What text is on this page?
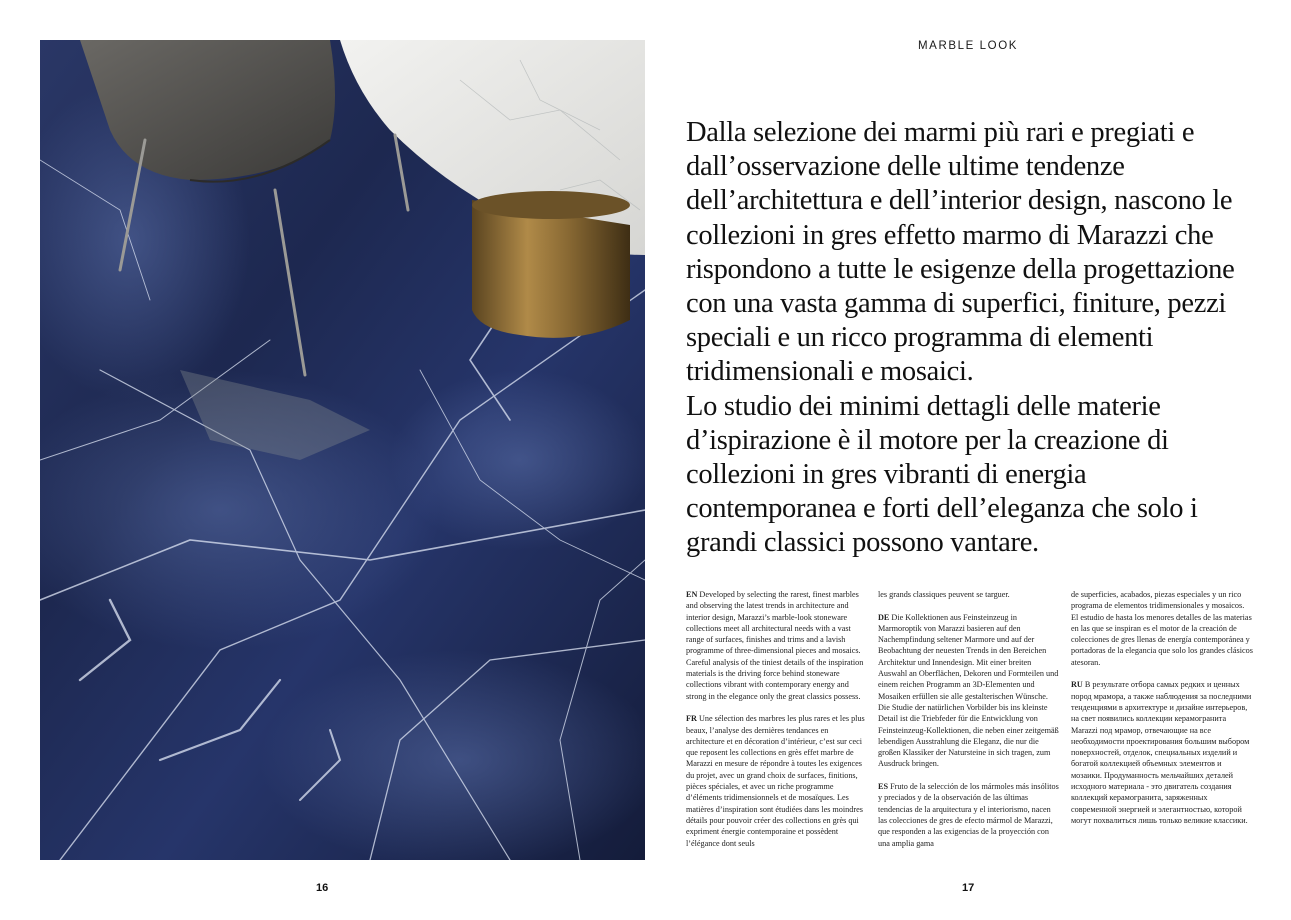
MARBLE LOOK

Dalla selezione dei marmi più rari e pregiati e dall’osservazione delle ultime tendenze dell’architettura e dell’interior design, nascono le collezioni in gres effetto marmo di Marazzi che rispondono a tutte le esigenze della progettazione con una vasta gamma di superfici, finiture, pezzi speciali e un ricco programma di elementi tridimensionali e mosaici.

Lo studio dei minimi dettagli delle materie d’ispirazione è il motore per la creazione di collezioni in gres vibranti di energia contemporanea e forti dell’eleganza che solo i grandi classici possono vantare.

EN Developed by selecting the rarest, finest marbles and observing the latest trends in architecture and interior design, Marazzi’s marble-look stoneware collections meet all architectural needs with a vast range of surfaces, finishes and trims and a lavish programme of three-dimensional pieces and mosaics. Careful analysis of the tiniest details of the inspiration materials is the driving force behind stoneware collections vibrant with contemporary energy and strong in the elegance only the great classics possess.

FR Une sélection des marbres les plus rares et les plus beaux, l’analyse des dernières tendances en architecture et en décoration d’intérieur, c’est sur ceci que reposent les collections en grès effet marbre de Marazzi en mesure de répondre à toutes les exigences du projet, avec un grand choix de surfaces, finitions, pièces spéciales, et avec un riche programme d’éléments tridimensionnels et de mosaïques. Les matières d’inspiration sont étudiées dans les moindres détails pour pouvoir créer des collections en grès qui expriment énergie contemporaine et possèdent l’élégance dont seuls

les grands classiques peuvent se targuer.

DE Die Kollektionen aus Feinsteinzeug in Marmoroptik von Marazzi basieren auf den Nachempfindung seltener Marmore und auf der Beobachtung der neuesten Trends in den Bereichen Architektur und Innendesign. Mit einer breiten Auswahl an Oberflächen, Dekoren und Formteilen und einem reichen Programm an 3D-Elementen und Mosaiken erfüllen sie alle gestalterischen Wünsche. Die Studie der natürlichen Vorbilder bis ins kleinste Detail ist die Triebfeder für die Entwicklung von Feinsteinzeug-Kollektionen, die neben einer zeitgemäß lebendigen Ausstrahlung die Eleganz, die nur die großen Klassiker der Natursteine in sich tragen, zum Ausdruck bringen.

ES Fruto de la selección de los mármoles más insólitos y preciados y de la observación de las últimas tendencias de la arquitectura y el interiorismo, nacen las colecciones de gres de efecto mármol de Marazzi, que responden a las exigencias de la proyección con una amplia gama

de superficies, acabados, piezas especiales y un rico programa de elementos tridimensionales y mosaicos. El estudio de hasta los menores detalles de las materias en las que se inspiran es el motor de la creación de colecciones de gres llenas de energía contemporánea y portadoras de la elegancia que solo los grandes clásicos atesoran.

RU В результате отбора самых редких и ценных пород мрамора, а также наблюдения за последними тенденциями в архитектуре и дизайне интерьеров, на свет появились коллекции керамогранита Marazzi под мрамор, отвечающие на все необходимости проектирования большим выбором поверхностей, отделок, специальных изделий и богатой коллекцией объемных элементов и мозаики. Продуманность мельчайших деталей исходного материала - это двигатель создания коллекций керамогранита, заряженных современной энергией и элегантностью, которой могут похвалиться лишь только великие классики.

16	17
